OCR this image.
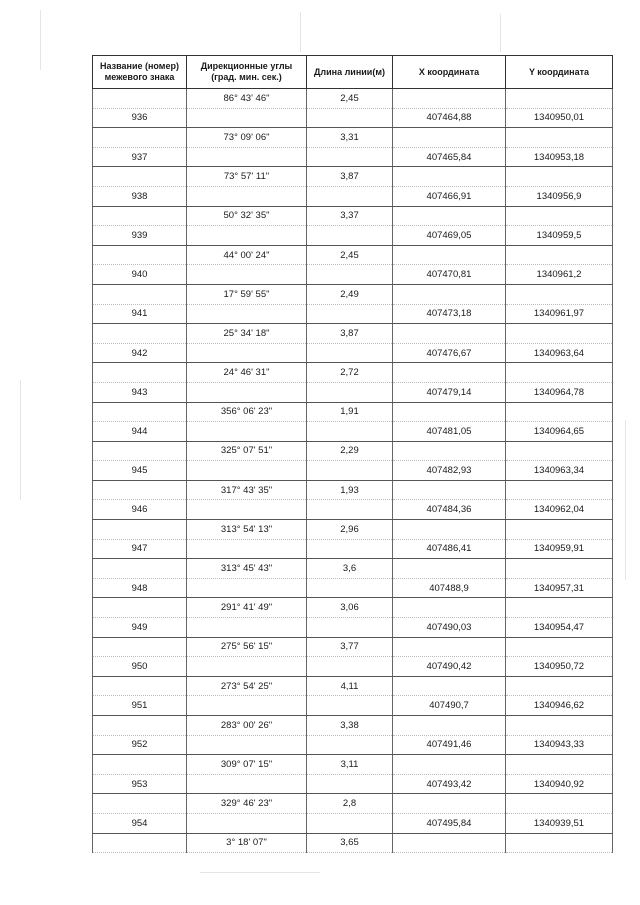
Название (номер) межевого знака	Дирекционные углы (град. мин. сек.)	Длина линии(м)	X координата	Y координата
	86° 43' 46"	2,45		
936			407464,88	1340950,01
	73° 09' 06"	3,31		
937			407465,84	1340953,18
	73° 57' 11"	3,87		
938			407466,91	1340956,9
	50° 32' 35"	3,37		
939			407469,05	1340959,5
	44° 00' 24"	2,45		
940			407470,81	1340961,2
	17° 59' 55"	2,49		
941			407473,18	1340961,97
	25° 34' 18"	3,87		
942			407476,67	1340963,64
	24° 46' 31"	2,72		
943			407479,14	1340964,78
	356° 06' 23"	1,91		
944			407481,05	1340964,65
	325° 07' 51"	2,29		
945			407482,93	1340963,34
	317° 43' 35"	1,93		
946			407484,36	1340962,04
	313° 54' 13"	2,96		
947			407486,41	1340959,91
	313° 45' 43"	3,6		
948			407488,9	1340957,31
	291° 41' 49"	3,06		
949			407490,03	1340954,47
	275° 56' 15"	3,77		
950			407490,42	1340950,72
	273° 54' 25"	4,11		
951			407490,7	1340946,62
	283° 00' 26"	3,38		
952			407491,46	1340943,33
	309° 07' 15"	3,11		
953			407493,42	1340940,92
	329° 46' 23"	2,8		
954			407495,84	1340939,51
	3° 18' 07"	3,65		
